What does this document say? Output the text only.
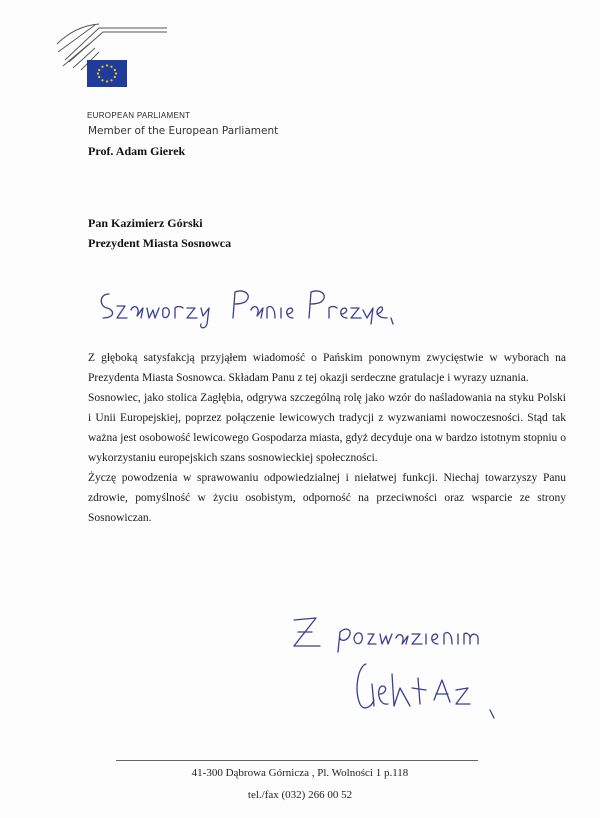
EUROPEAN PARLIAMENT
Member of the European Parliament
Prof. Adam Gierek
Pan Kazimierz Górski
Prezydent Miasta Sosnowca

Z głęboką satysfakcją przyjąłem wiadomość o Pańskim ponownym zwycięstwie w wyborach na Prezydenta Miasta Sosnowca. Składam Panu z tej okazji serdeczne gratulacje i wyrazy uznania.

Sosnowiec, jako stolica Zagłębia, odgrywa szczególną rolę jako wzór do naśladowania na styku Polski i Unii Europejskiej, poprzez połączenie lewicowych tradycji z wyzwaniami nowoczesności. Stąd tak ważna jest osobowość lewicowego Gospodarza miasta, gdyż decyduje ona w bardzo istotnym stopniu o wykorzystaniu europejskich szans sosnowieckiej społeczności.

Życzę powodzenia w sprawowaniu odpowiedzialnej i niełatwej funkcji. Niechaj towarzyszy Panu zdrowie, pomyślność w życiu osobistym, odporność na przeciwności oraz wsparcie ze strony Sosnowiczan.

41-300 Dąbrowa Górnicza , Pl. Wolności 1 p.118
tel./fax (032) 266 00 52
